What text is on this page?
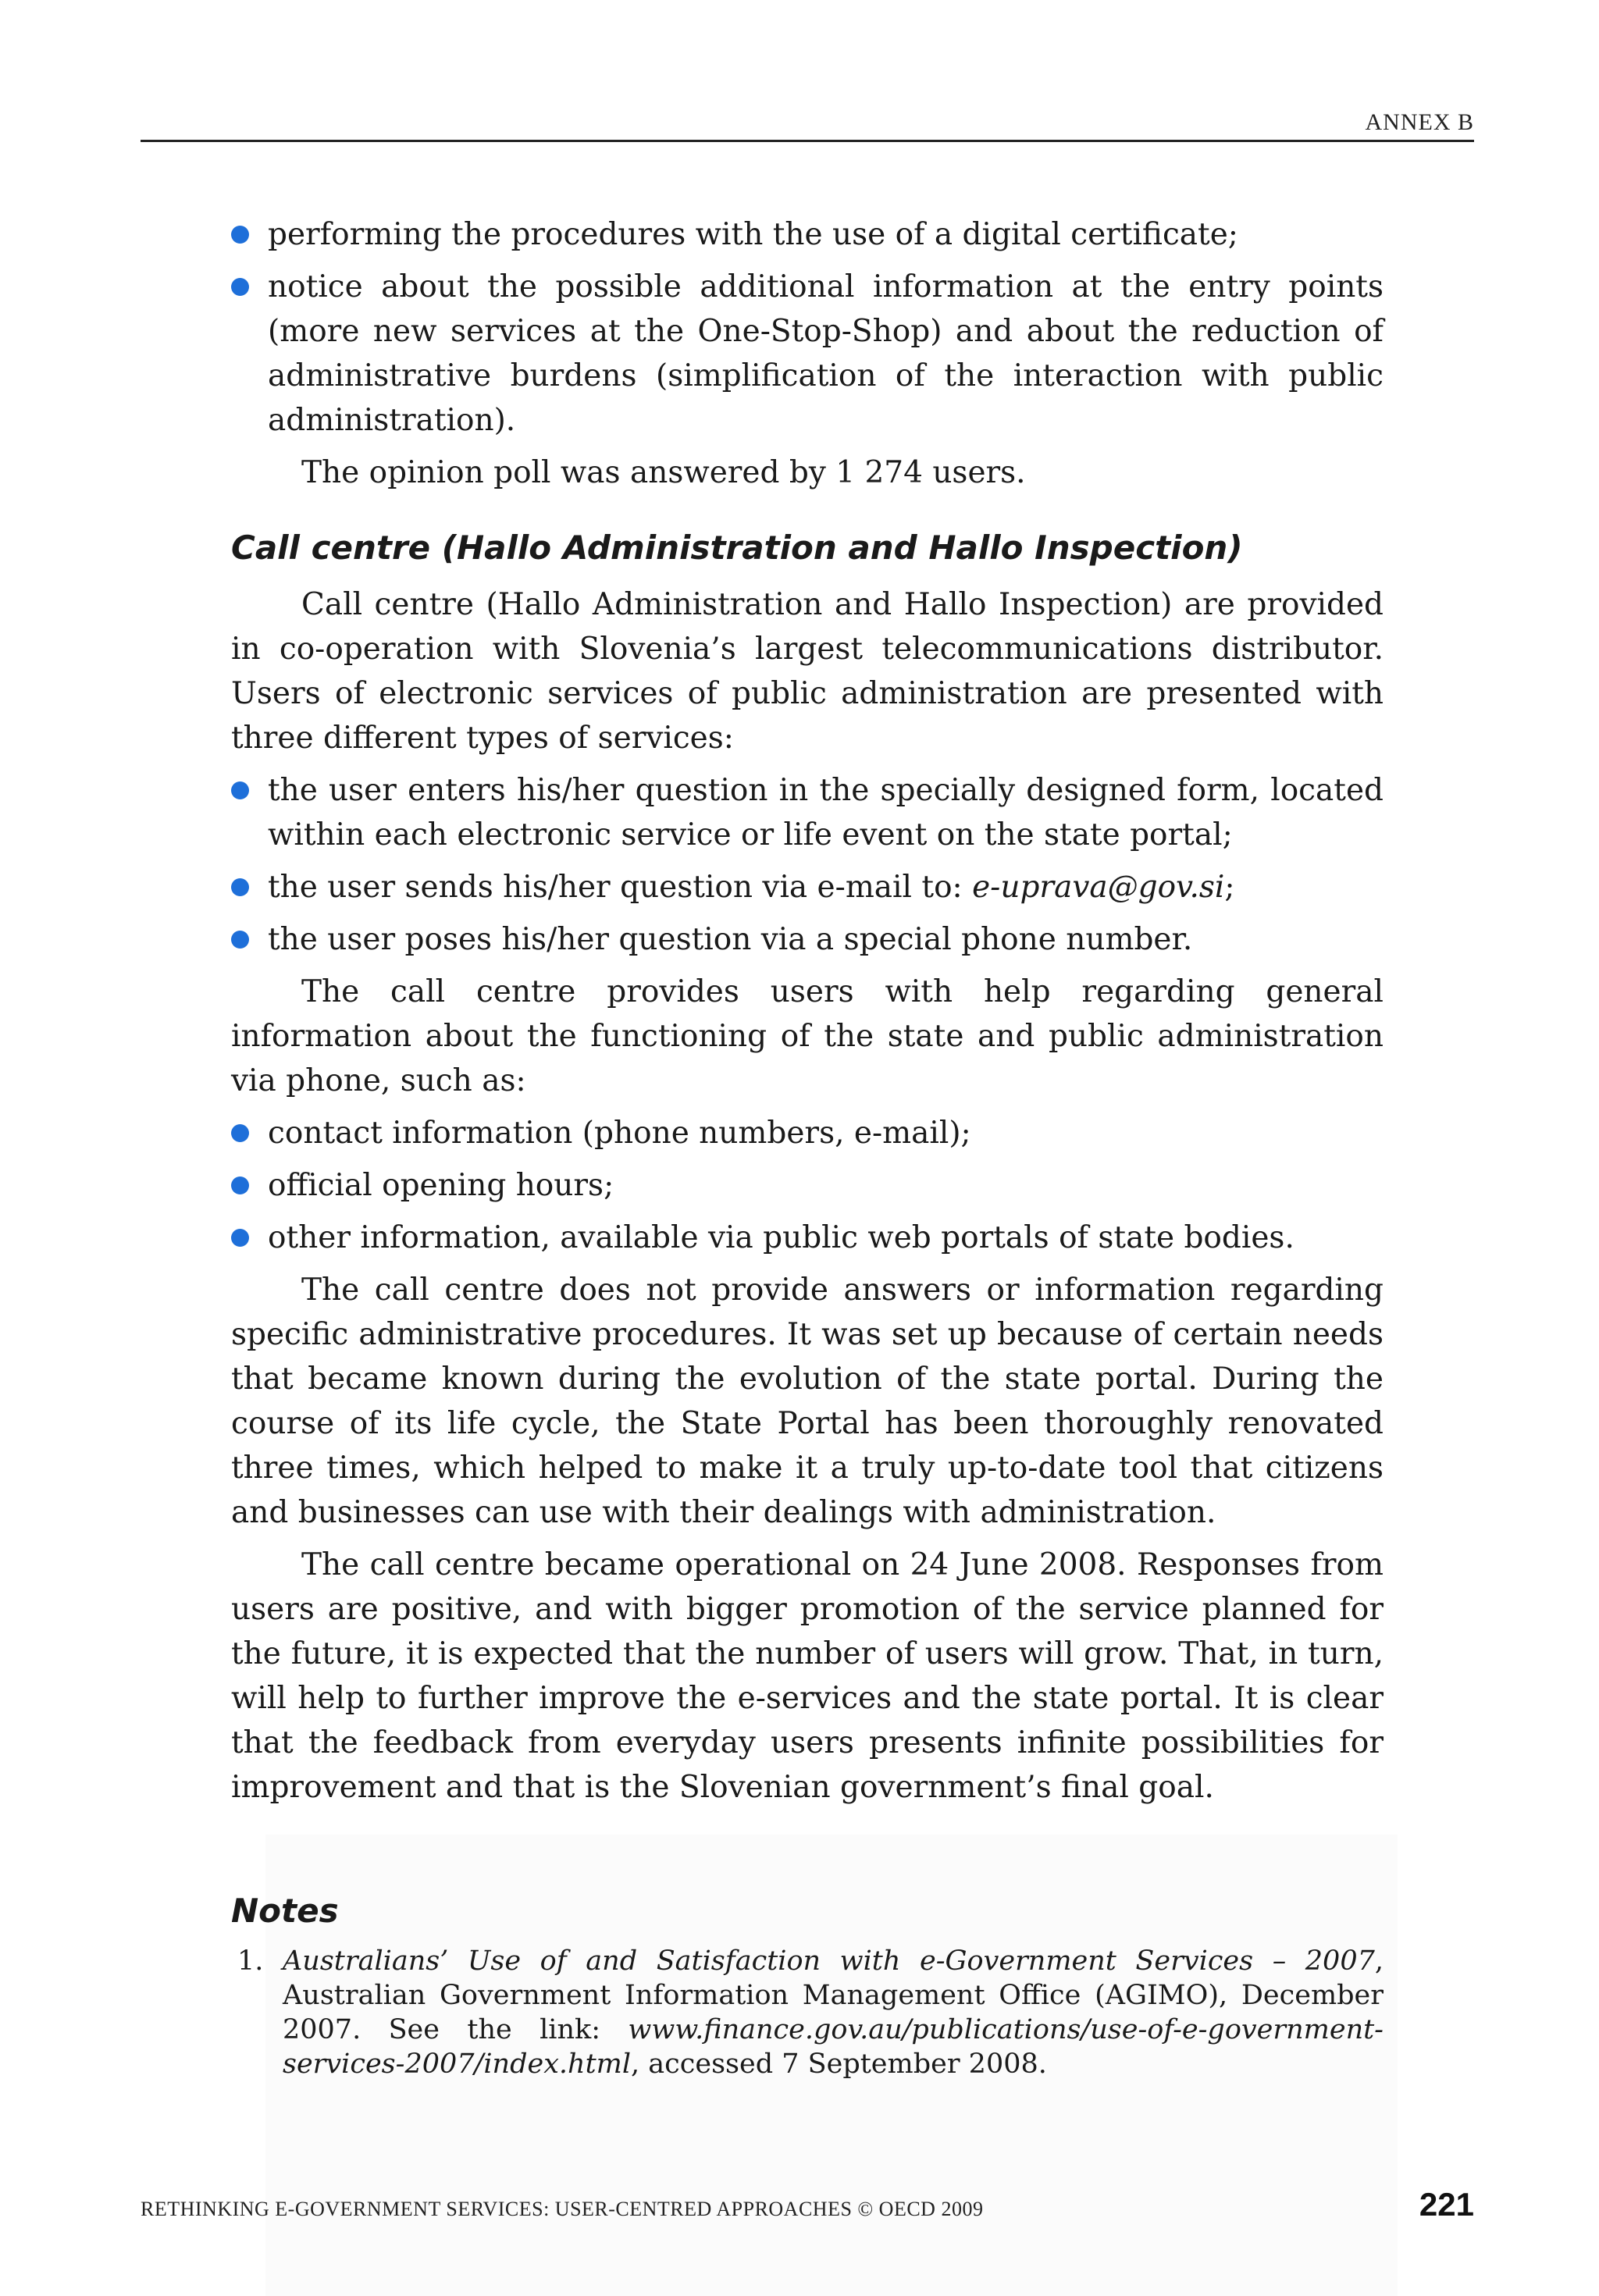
ANNEX B
performing the procedures with the use of a digital certificate;
notice about the possible additional information at the entry points (more new services at the One-Stop-Shop) and about the reduction of administrative burdens (simplification of the interaction with public administration).

The opinion poll was answered by 1 274 users.

Call centre (Hallo Administration and Hallo Inspection)

Call centre (Hallo Administration and Hallo Inspection) are provided in co-operation with Slovenia’s largest telecommunications distributor. Users of electronic services of public administration are presented with three different types of services:

the user enters his/her question in the specially designed form, located within each electronic service or life event on the state portal;
the user sends his/her question via e-mail to: e-uprava@gov.si;
the user poses his/her question via a special phone number.

The call centre provides users with help regarding general information about the functioning of the state and public administration via phone, such as:

contact information (phone numbers, e-mail);
official opening hours;
other information, available via public web portals of state bodies.

The call centre does not provide answers or information regarding specific administrative procedures. It was set up because of certain needs that became known during the evolution of the state portal. During the course of its life cycle, the State Portal has been thoroughly renovated three times, which helped to make it a truly up-to-date tool that citizens and businesses can use with their dealings with administration.

The call centre became operational on 24 June 2008. Responses from users are positive, and with bigger promotion of the service planned for the future, it is expected that the number of users will grow. That, in turn, will help to further improve the e-services and the state portal. It is clear that the feedback from everyday users presents infinite possibilities for improvement and that is the Slovenian government’s final goal.

Notes

1. Australians’ Use of and Satisfaction with e-Government Services – 2007, Australian Government Information Management Office (AGIMO), December 2007. See the link: www.finance.gov.au/publications/use-of-e-government-services-2007/index.html, accessed 7 September 2008.

RETHINKING E-GOVERNMENT SERVICES: USER-CENTRED APPROACHES © OECD 2009	221
